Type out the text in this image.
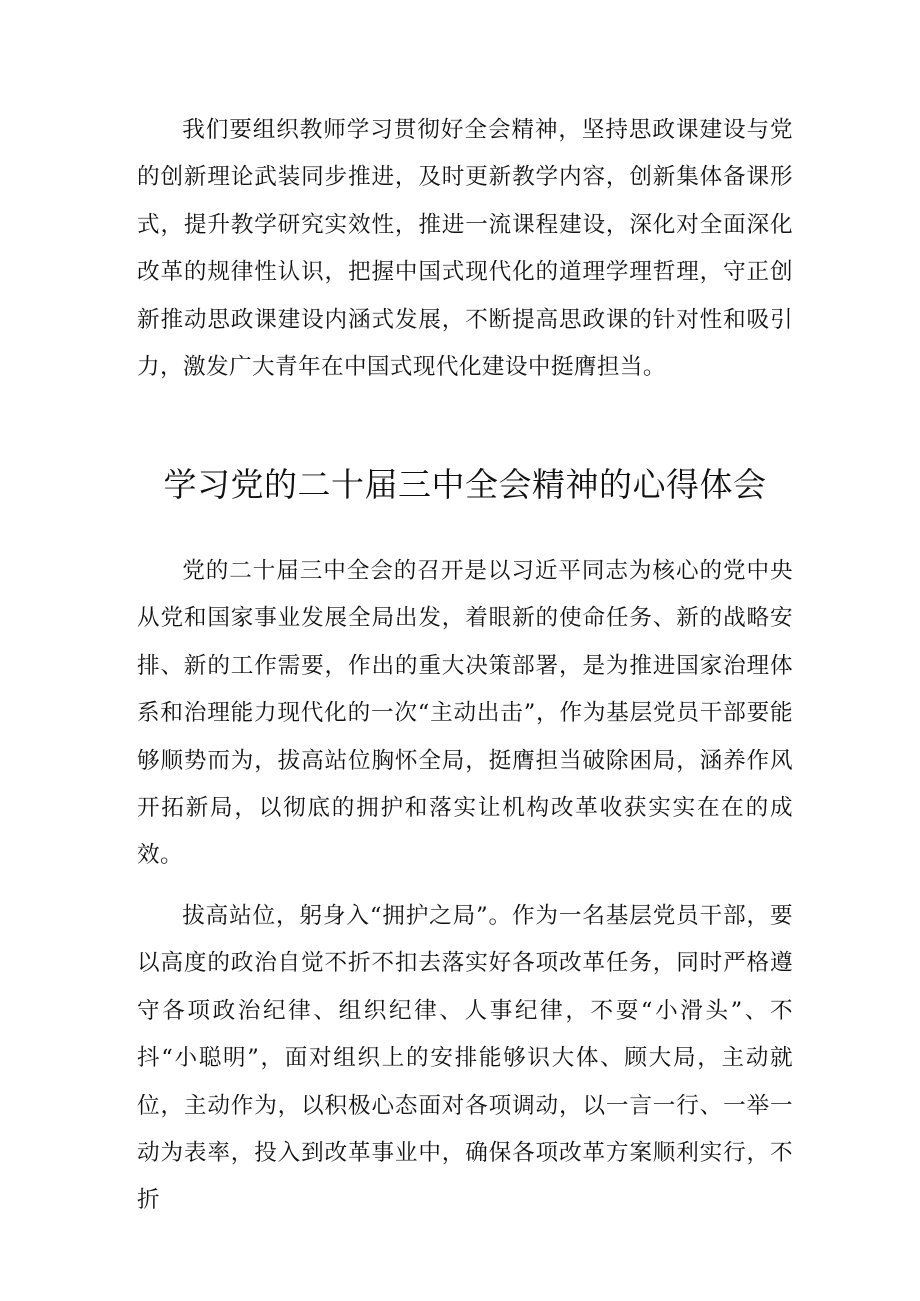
我们要组织教师学习贯彻好全会精神，坚持思政课建设与党的创新理论武装同步推进，及时更新教学内容，创新集体备课形式，提升教学研究实效性，推进一流课程建设，深化对全面深化改革的规律性认识，把握中国式现代化的道理学理哲理，守正创新推动思政课建设内涵式发展，不断提高思政课的针对性和吸引力，激发广大青年在中国式现代化建设中挺膺担当。

学习党的二十届三中全会精神的心得体会

党的二十届三中全会的召开是以习近平同志为核心的党中央从党和国家事业发展全局出发，着眼新的使命任务、新的战略安排、新的工作需要，作出的重大决策部署，是为推进国家治理体系和治理能力现代化的一次“主动出击”，作为基层党员干部要能够顺势而为，拔高站位胸怀全局，挺膺担当破除困局，涵养作风开拓新局，以彻底的拥护和落实让机构改革收获实实在在的成效。

拔高站位，躬身入“拥护之局”。作为一名基层党员干部，要以高度的政治自觉不折不扣去落实好各项改革任务，同时严格遵守各项政治纪律、组织纪律、人事纪律，不耍“小滑头”、不抖“小聪明”，面对组织上的安排能够识大体、顾大局，主动就位，主动作为，以积极心态面对各项调动，以一言一行、一举一动为表率，投入到改革事业中，确保各项改革方案顺利实行，不折
